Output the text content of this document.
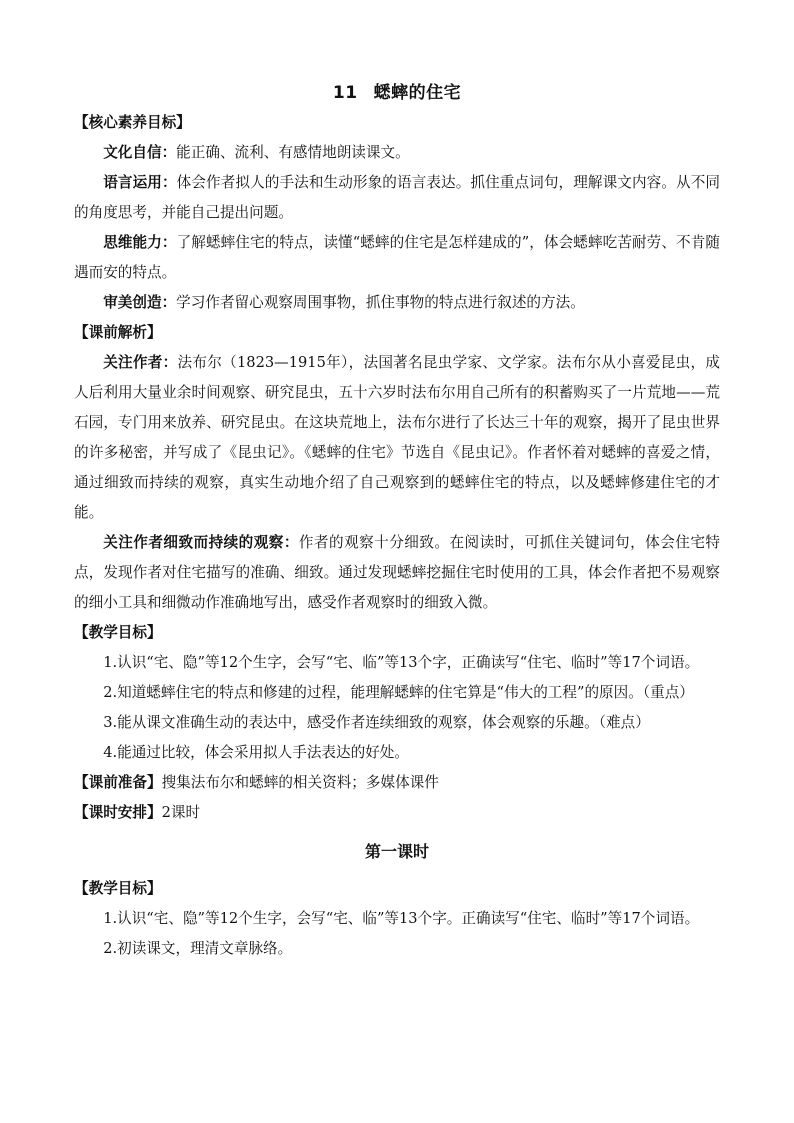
11 蟋蟀的住宅
【核心素养目标】

文化自信：能正确、流利、有感情地朗读课文。

语言运用：体会作者拟人的手法和生动形象的语言表达。抓住重点词句，理解课文内容。从不同的角度思考，并能自己提出问题。

思维能力：了解蟋蟀住宅的特点，读懂“蟋蟀的住宅是怎样建成的”，体会蟋蟀吃苦耐劳、不肯随遇而安的特点。

审美创造：学习作者留心观察周围事物，抓住事物的特点进行叙述的方法。

【课前解析】

关注作者：法布尔（1823—1915年），法国著名昆虫学家、文学家。法布尔从小喜爱昆虫，成人后利用大量业余时间观察、研究昆虫，五十六岁时法布尔用自己所有的积蓄购买了一片荒地——荒石园，专门用来放养、研究昆虫。在这块荒地上，法布尔进行了长达三十年的观察，揭开了昆虫世界的许多秘密，并写成了《昆虫记》。《蟋蟀的住宅》节选自《昆虫记》。作者怀着对蟋蟀的喜爱之情，通过细致而持续的观察，真实生动地介绍了自己观察到的蟋蟀住宅的特点，以及蟋蟀修建住宅的才能。

关注作者细致而持续的观察：作者的观察十分细致。在阅读时，可抓住关键词句，体会住宅特点，发现作者对住宅描写的准确、细致。通过发现蟋蟀挖掘住宅时使用的工具，体会作者把不易观察的细小工具和细微动作准确地写出，感受作者观察时的细致入微。

【教学目标】

1.认识“宅、隐”等12个生字，会写“宅、临”等13个字，正确读写“住宅、临时”等17个词语。

2.知道蟋蟀住宅的特点和修建的过程，能理解蟋蟀的住宅算是“伟大的工程”的原因。（重点）

3.能从课文准确生动的表达中，感受作者连续细致的观察，体会观察的乐趣。（难点）

4.能通过比较，体会采用拟人手法表达的好处。

【课前准备】搜集法布尔和蟋蟀的相关资料；多媒体课件
【课时安排】2课时
第一课时
【教学目标】

1.认识“宅、隐”等12个生字，会写“宅、临”等13个字。正确读写“住宅、临时”等17个词语。

2.初读课文，理清文章脉络。
